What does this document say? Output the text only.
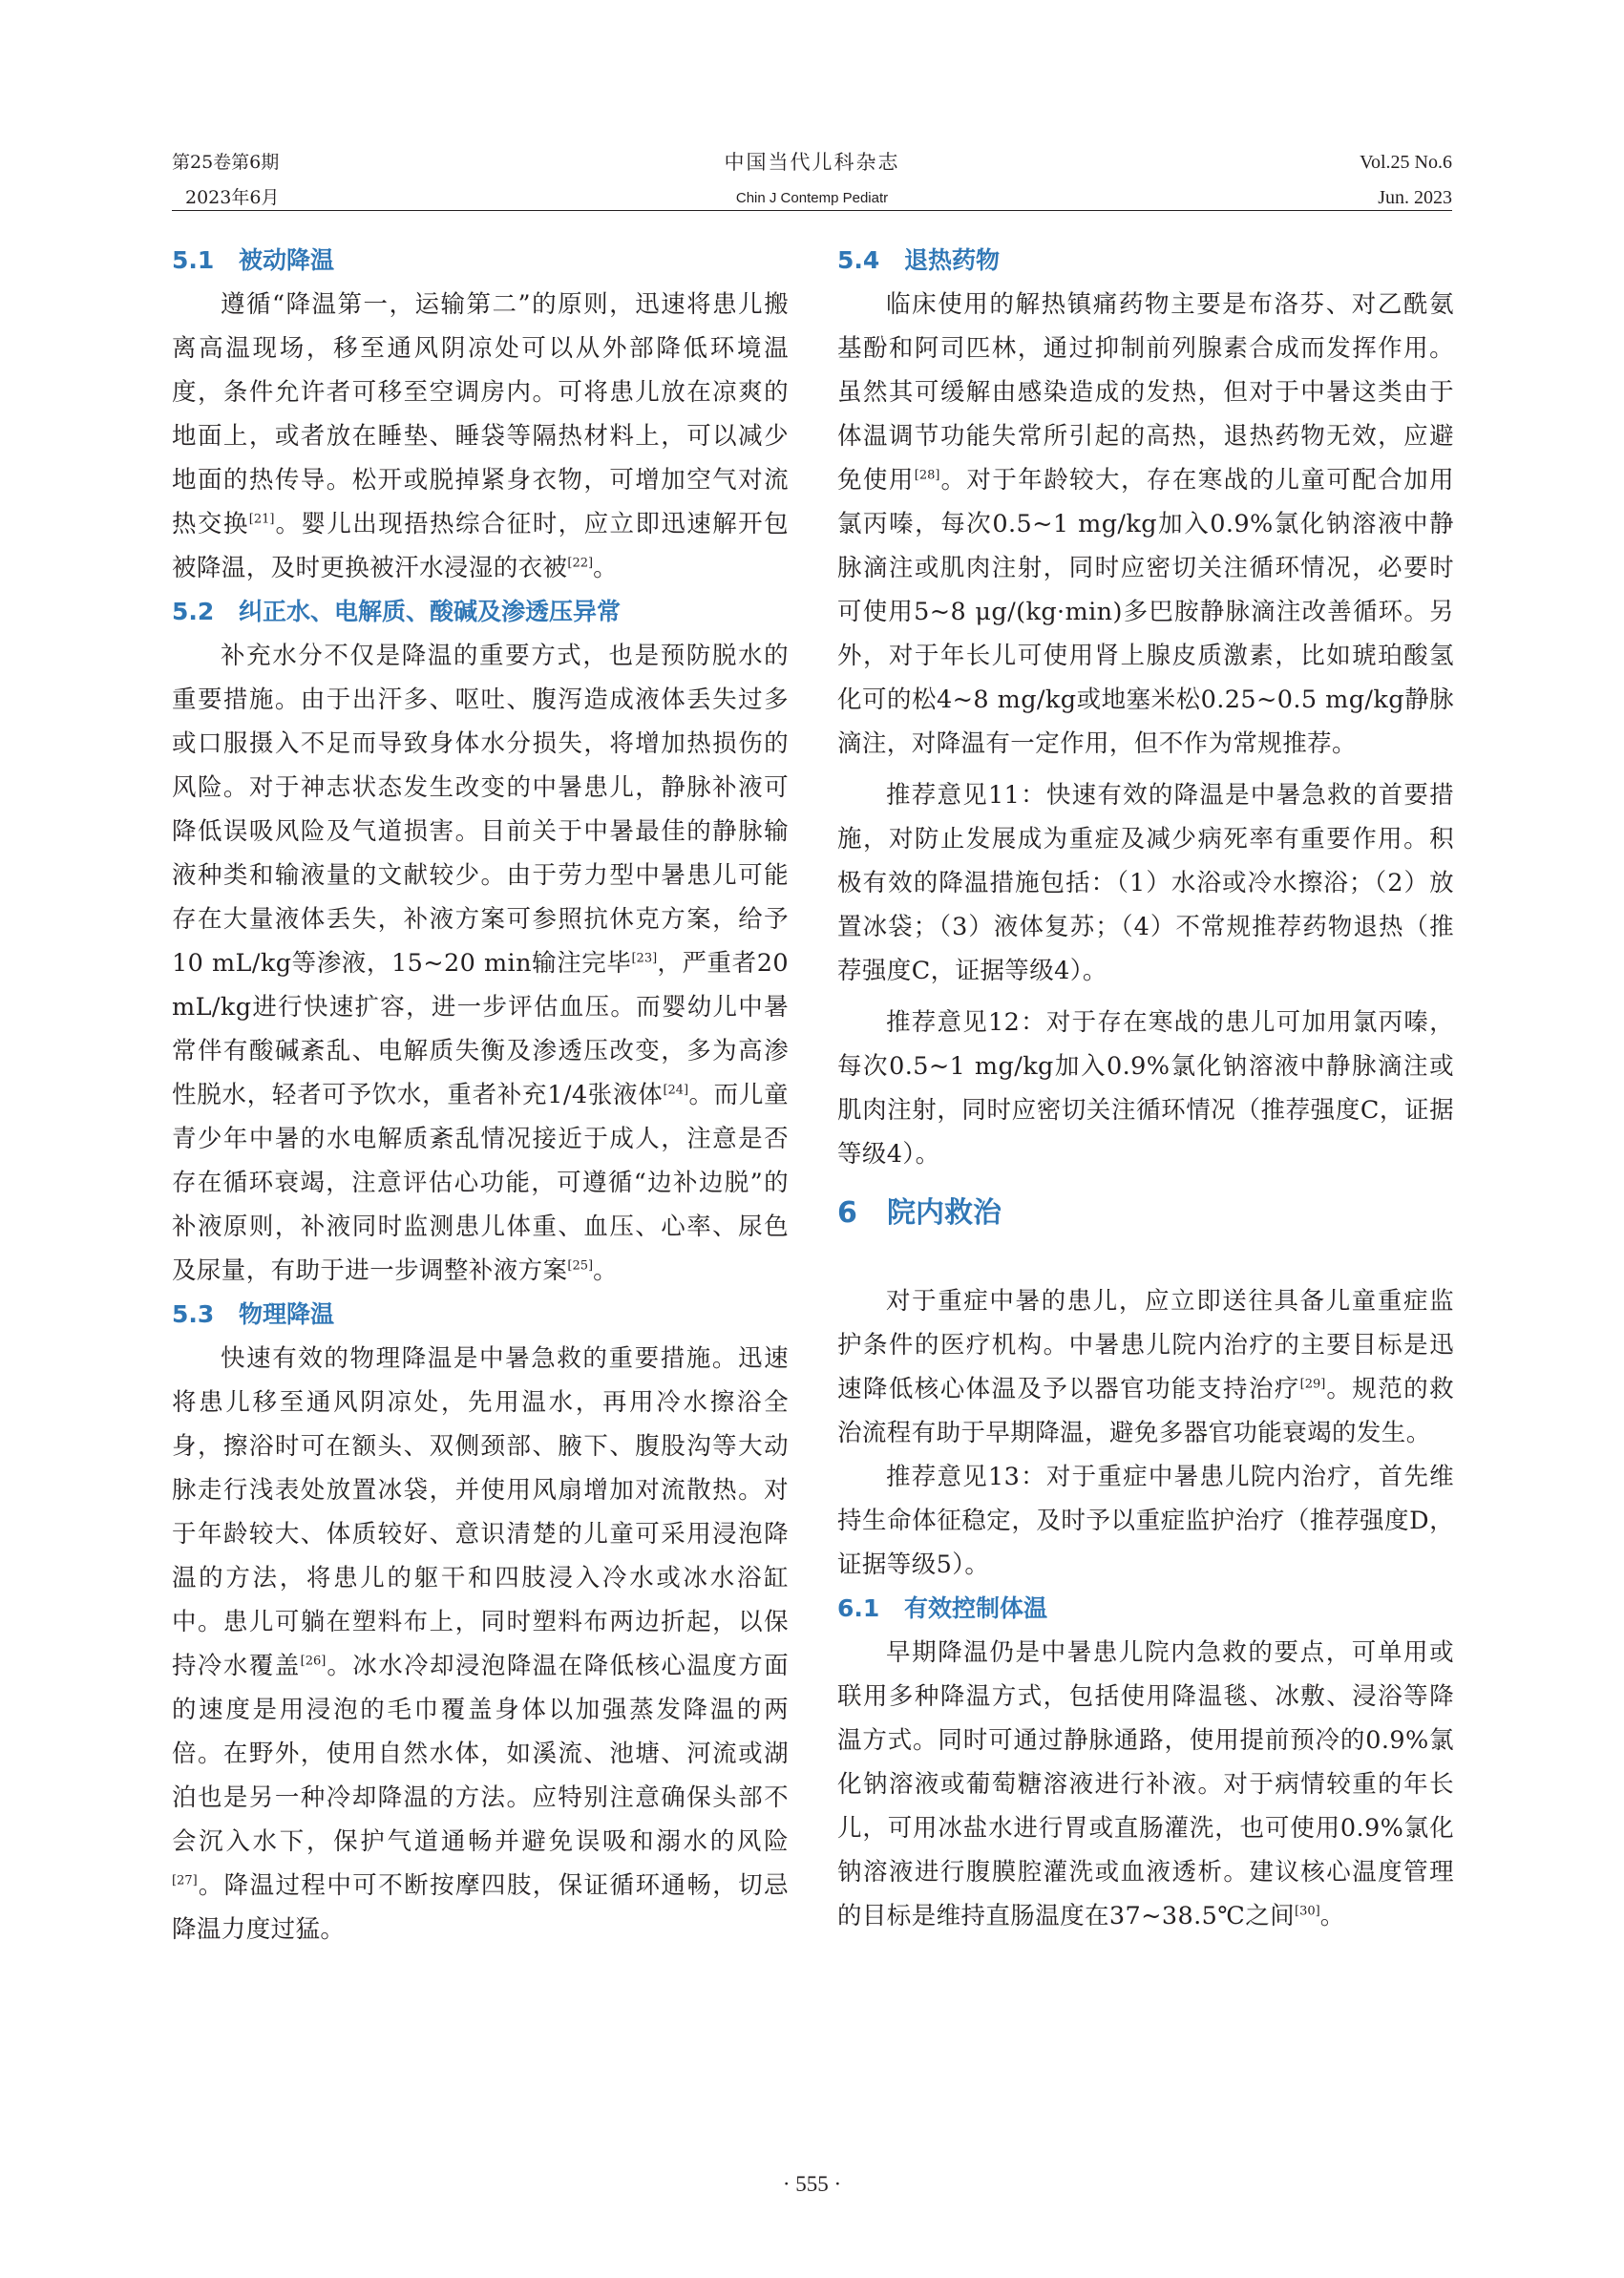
第25卷第6期
2023年6月
中国当代儿科杂志
Chin J Contemp Pediatr
Vol.25 No.6
Jun. 2023
5.1 被动降温

遵循“降温第一，运输第二”的原则，迅速将患儿搬离高温现场，移至通风阴凉处可以从外部降低环境温度，条件允许者可移至空调房内。可将患儿放在凉爽的地面上，或者放在睡垫、睡袋等隔热材料上，可以减少地面的热传导。松开或脱掉紧身衣物，可增加空气对流热交换[21]。婴儿出现捂热综合征时，应立即迅速解开包被降温，及时更换被汗水浸湿的衣被[22]。

5.2 纠正水、电解质、酸碱及渗透压异常

补充水分不仅是降温的重要方式，也是预防脱水的重要措施。由于出汗多、呕吐、腹泻造成液体丢失过多或口服摄入不足而导致身体水分损失，将增加热损伤的风险。对于神志状态发生改变的中暑患儿，静脉补液可降低误吸风险及气道损害。目前关于中暑最佳的静脉输液种类和输液量的文献较少。由于劳力型中暑患儿可能存在大量液体丢失，补液方案可参照抗休克方案，给予10 mL/kg等渗液，15~20 min输注完毕[23]，严重者20 mL/kg进行快速扩容，进一步评估血压。而婴幼儿中暑常伴有酸碱紊乱、电解质失衡及渗透压改变，多为高渗性脱水，轻者可予饮水，重者补充1/4张液体[24]。而儿童青少年中暑的水电解质紊乱情况接近于成人，注意是否存在循环衰竭，注意评估心功能，可遵循“边补边脱”的补液原则，补液同时监测患儿体重、血压、心率、尿色及尿量，有助于进一步调整补液方案[25]。

5.3 物理降温

快速有效的物理降温是中暑急救的重要措施。迅速将患儿移至通风阴凉处，先用温水，再用冷水擦浴全身，擦浴时可在额头、双侧颈部、腋下、腹股沟等大动脉走行浅表处放置冰袋，并使用风扇增加对流散热。对于年龄较大、体质较好、意识清楚的儿童可采用浸泡降温的方法，将患儿的躯干和四肢浸入冷水或冰水浴缸中。患儿可躺在塑料布上，同时塑料布两边折起，以保持冷水覆盖[26]。冰水冷却浸泡降温在降低核心温度方面的速度是用浸泡的毛巾覆盖身体以加强蒸发降温的两倍。在野外，使用自然水体，如溪流、池塘、河流或湖泊也是另一种冷却降温的方法。应特别注意确保头部不会沉入水下，保护气道通畅并避免误吸和溺水的风险[27]。降温过程中可不断按摩四肢，保证循环通畅，切忌降温力度过猛。

5.4 退热药物

临床使用的解热镇痛药物主要是布洛芬、对乙酰氨基酚和阿司匹林，通过抑制前列腺素合成而发挥作用。虽然其可缓解由感染造成的发热，但对于中暑这类由于体温调节功能失常所引起的高热，退热药物无效，应避免使用[28]。对于年龄较大，存在寒战的儿童可配合加用氯丙嗪，每次0.5~1 mg/kg加入0.9%氯化钠溶液中静脉滴注或肌肉注射，同时应密切关注循环情况，必要时可使用5~8 μg/(kg·min)多巴胺静脉滴注改善循环。另外，对于年长儿可使用肾上腺皮质激素，比如琥珀酸氢化可的松4~8 mg/kg或地塞米松0.25~0.5 mg/kg静脉滴注，对降温有一定作用，但不作为常规推荐。

推荐意见11：快速有效的降温是中暑急救的首要措施，对防止发展成为重症及减少病死率有重要作用。积极有效的降温措施包括：（1）水浴或冷水擦浴；（2）放置冰袋；（3）液体复苏；（4）不常规推荐药物退热（推荐强度C，证据等级4）。

推荐意见12：对于存在寒战的患儿可加用氯丙嗪，每次0.5~1 mg/kg加入0.9%氯化钠溶液中静脉滴注或肌肉注射，同时应密切关注循环情况（推荐强度C，证据等级4）。

6 院内救治

对于重症中暑的患儿，应立即送往具备儿童重症监护条件的医疗机构。中暑患儿院内治疗的主要目标是迅速降低核心体温及予以器官功能支持治疗[29]。规范的救治流程有助于早期降温，避免多器官功能衰竭的发生。

推荐意见13：对于重症中暑患儿院内治疗，首先维持生命体征稳定，及时予以重症监护治疗（推荐强度D，证据等级5）。

6.1 有效控制体温

早期降温仍是中暑患儿院内急救的要点，可单用或联用多种降温方式，包括使用降温毯、冰敷、浸浴等降温方式。同时可通过静脉通路，使用提前预冷的0.9%氯化钠溶液或葡萄糖溶液进行补液。对于病情较重的年长儿，可用冰盐水进行胃或直肠灌洗，也可使用0.9%氯化钠溶液进行腹膜腔灌洗或血液透析。建议核心温度管理的目标是维持直肠温度在37~38.5℃之间[30]。

· 555 ·
